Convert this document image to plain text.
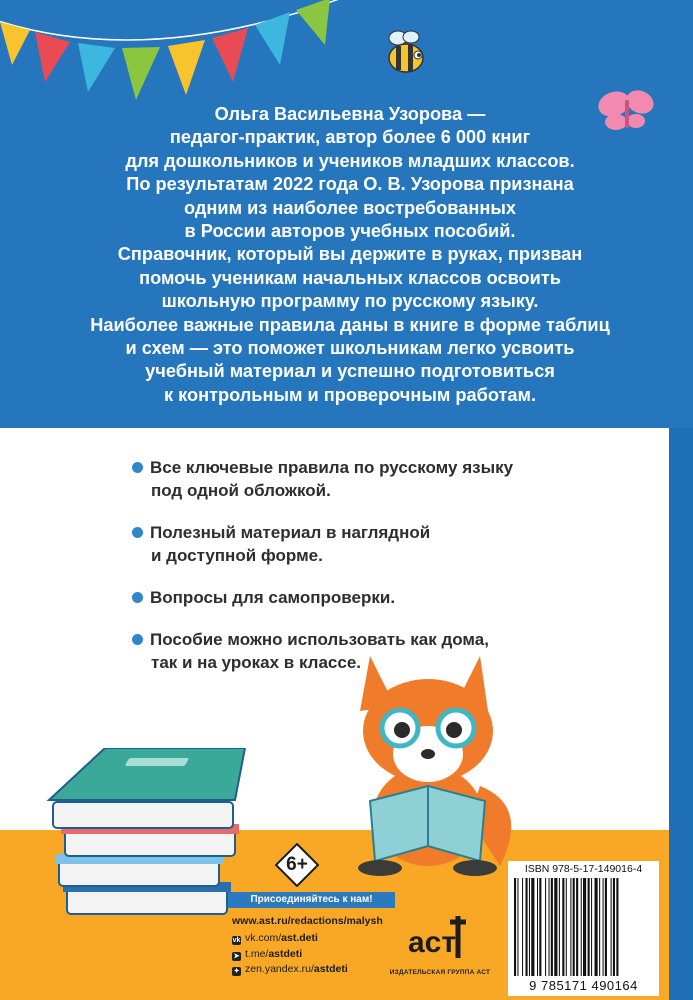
Ольга Васильевна Узорова —
педагог-практик, автор более 6 000 книг
для дошкольников и учеников младших классов.
По результатам 2022 года О. В. Узорова признана
одним из наиболее востребованных
в России авторов учебных пособий.
Справочник, который вы держите в руках, призван
помочь ученикам начальных классов освоить
школьную программу по русскому языку.
Наиболее важные правила даны в книге в форме таблиц
и схем — это поможет школьникам легко усвоить
учебный материал и успешно подготовиться
к контрольным и проверочным работам.

Все ключевые правила по русскому языку
под одной обложкой.
Полезный материал в наглядной
и доступной форме.
Вопросы для самопроверки.
Пособие можно использовать как дома,
так и на уроках в классе.
6+
Присоединяйтесь к нам!
www.ast.ru/redactions/malysh
vk vk.com/ast.deti
➤ t.me/astdeti
✦ zen.yandex.ru/astdeti
аст
ИЗДАТЕЛЬСКАЯ ГРУППА АСТ
ISBN 978-5-17-149016-4
9 785171 490164
